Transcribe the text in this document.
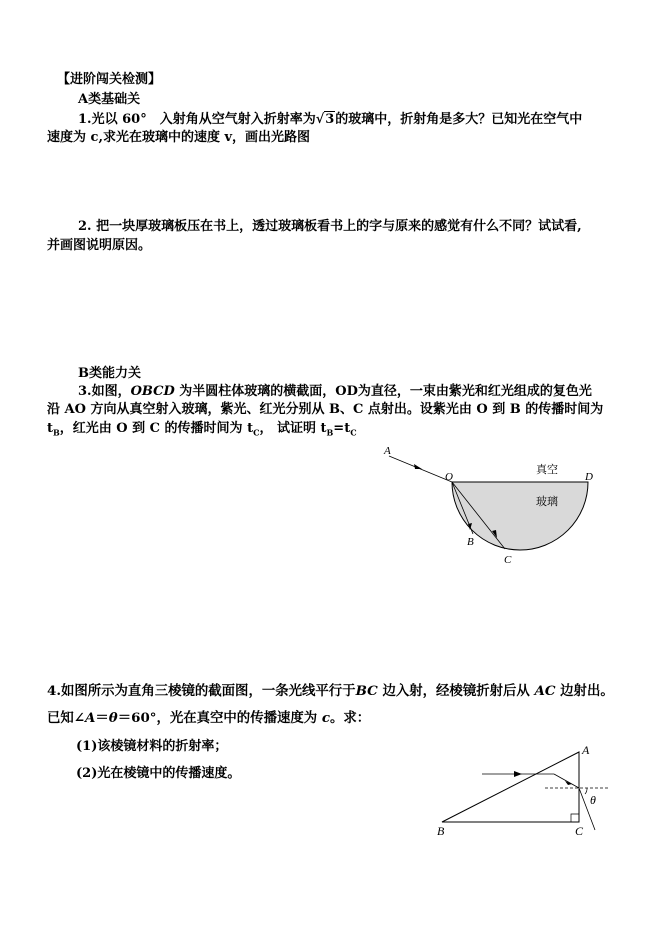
【进阶闯关检测】
A类基础关
1.光以 60°　入射角从空气射入折射率为√3的玻璃中，折射角是多大？已知光在空气中
速度为 c,求光在玻璃中的速度 v，画出光路图
2. 把一块厚玻璃板压在书上，透过玻璃板看书上的字与原来的感觉有什么不同？试试看,
并画图说明原因。
B类能力关
3.如图，OBCD 为半圆柱体玻璃的横截面，OD为直径，一束由紫光和红光组成的复色光
沿 AO 方向从真空射入玻璃，紫光、红光分别从 B、C 点射出。设紫光由 O 到 B 的传播时间为
$t_B$，红光由 O 到 C 的传播时间为 $t_C$， 试证明 $t_B=t_C$
A
O	D
B
C
真空
玻璃
4.如图所示为直角三棱镜的截面图，一条光线平行于BC 边入射，经棱镜折射后从 AC 边射出。
已知∠A＝θ＝60°，光在真空中的传播速度为 c。求：
(1)该棱镜材料的折射率；
(2)光在棱镜中的传播速度。
A
B	C
θ
